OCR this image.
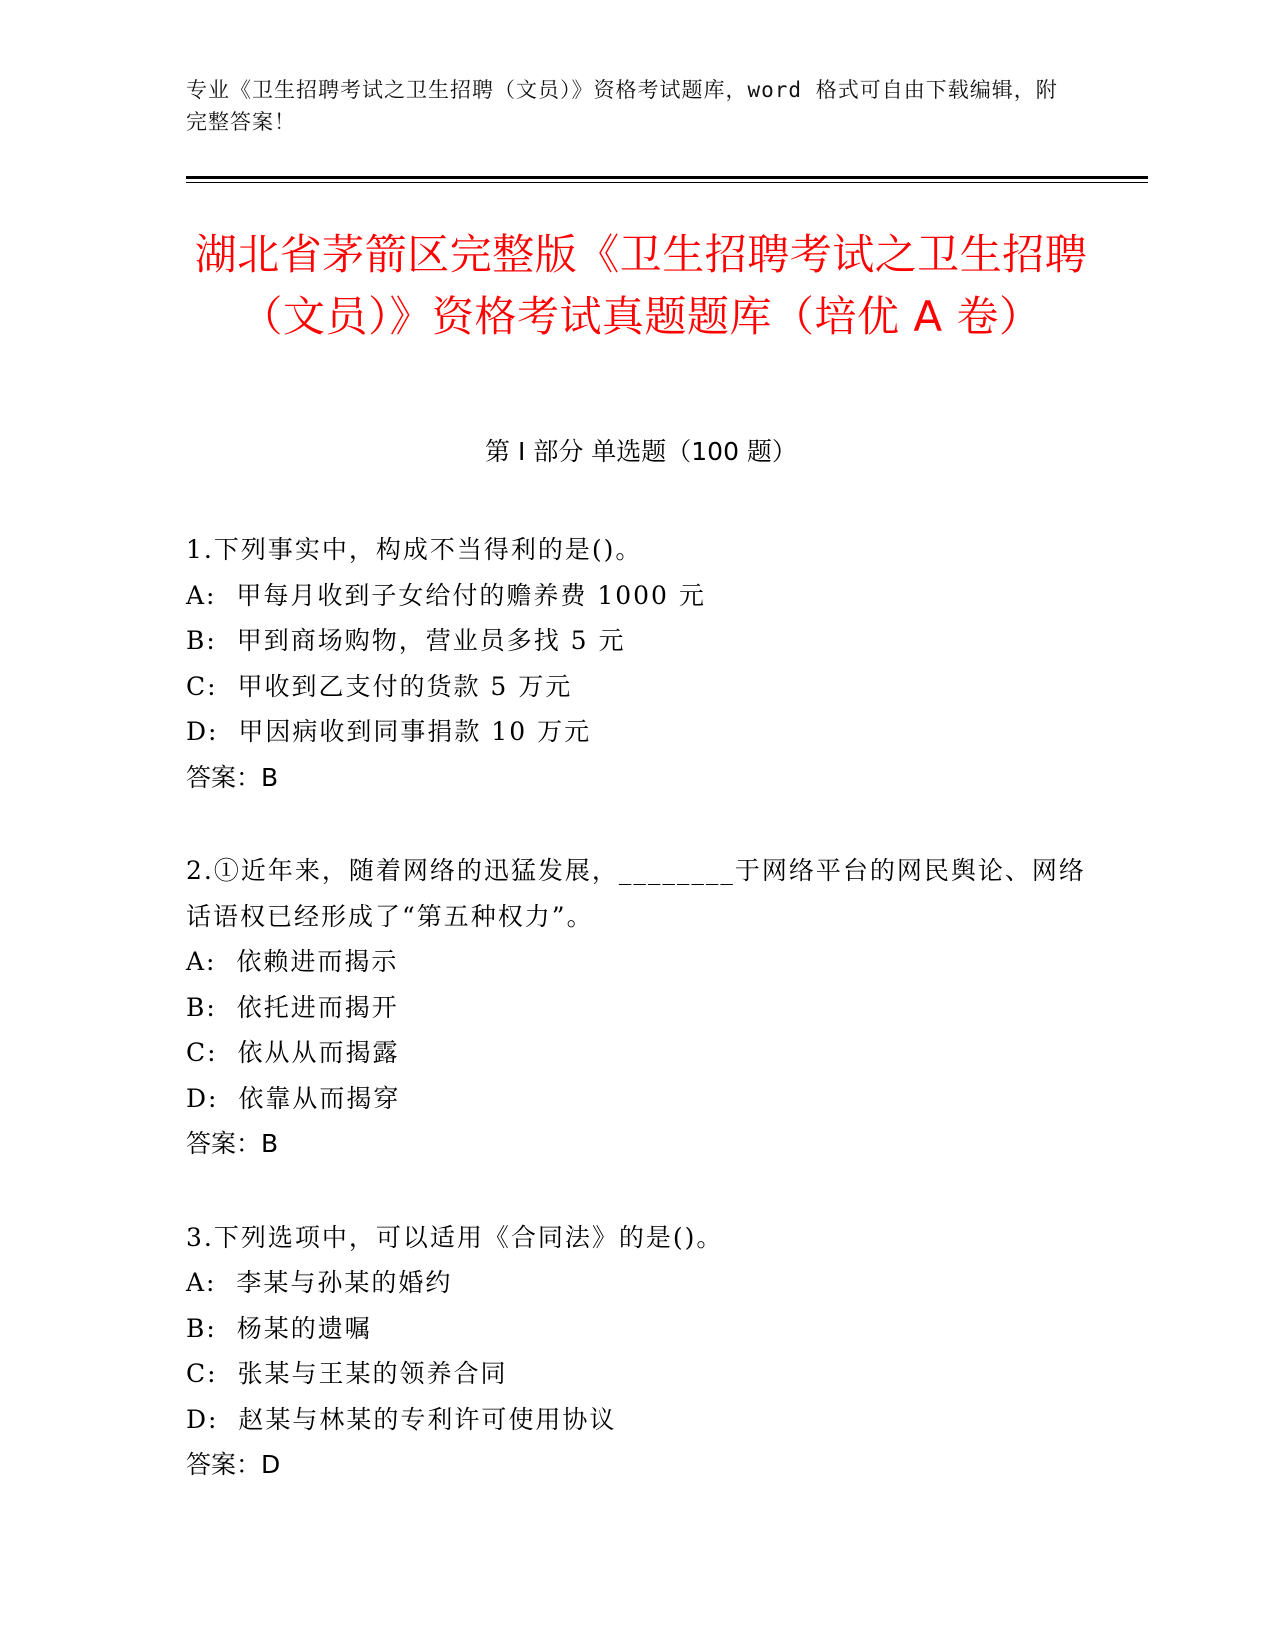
专业《卫生招聘考试之卫生招聘（文员）》资格考试题库，word 格式可自由下载编辑，附完整答案！
湖北省茅箭区完整版《卫生招聘考试之卫生招聘（文员）》资格考试真题题库（培优 A 卷）
第 I 部分 单选题（100 题）
1.下列事实中，构成不当得利的是()。
A:  甲每月收到子女给付的赡养费 1000 元
B:  甲到商场购物，营业员多找 5 元
C:  甲收到乙支付的货款 5 万元
D:  甲因病收到同事捐款 10 万元
答案：B
2.①近年来，随着网络的迅猛发展，________于网络平台的网民舆论、网络话语权已经形成了“第五种权力”。
A:  依赖进而揭示
B:  依托进而揭开
C:  依从从而揭露
D:  依靠从而揭穿
答案：B
3.下列选项中，可以适用《合同法》的是()。
A:  李某与孙某的婚约
B:  杨某的遗嘱
C:  张某与王某的领养合同
D:  赵某与林某的专利许可使用协议
答案：D
